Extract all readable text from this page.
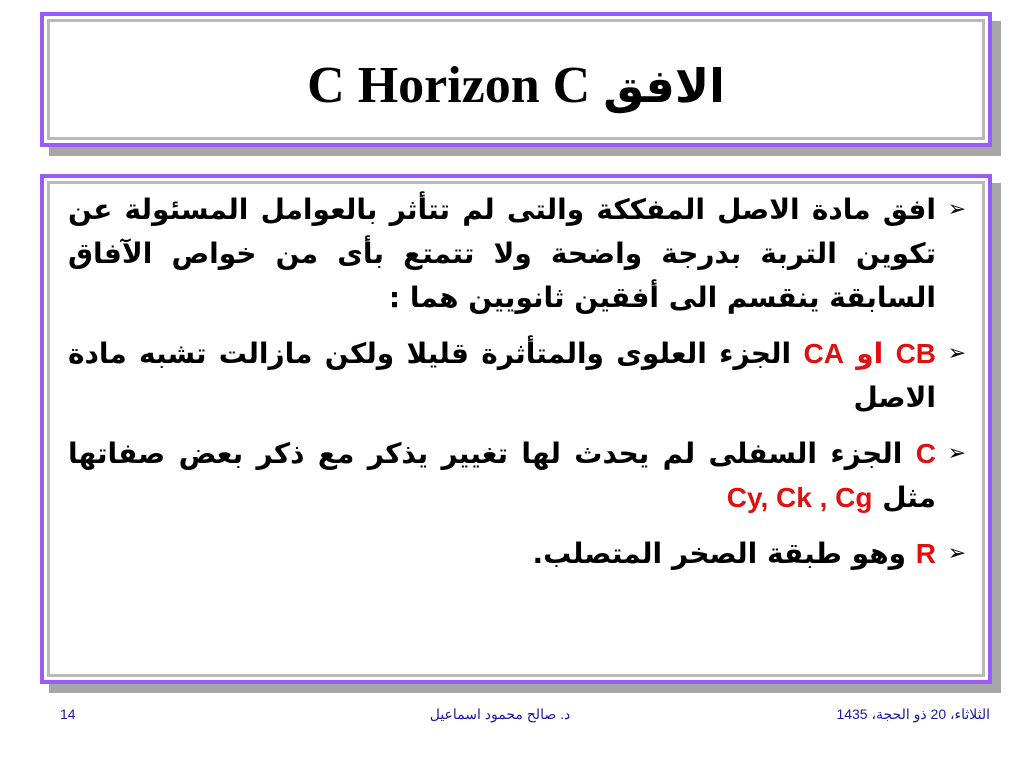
C Horizon C الافق
➢
افق مادة الاصل المفككة والتى لم تتأثر بالعوامل المسئولة عن تكوين التربة بدرجة واضحة ولا تتمتع بأى من خواص الآفاق السابقة ينقسم الى أفقين ثانويين هما :
➢
CB او CA الجزء العلوى والمتأثرة قليلا ولكن مازالت تشبه مادة الاصل
➢
C الجزء السفلى لم يحدث لها تغيير يذكر مع ذكر بعض صفاتها مثل Cy, Ck , Cg
➢
R وهو طبقة الصخر المتصلب.
الثلاثاء، 20 ذو الحجة، 1435
د. صالح محمود اسماعيل
14
